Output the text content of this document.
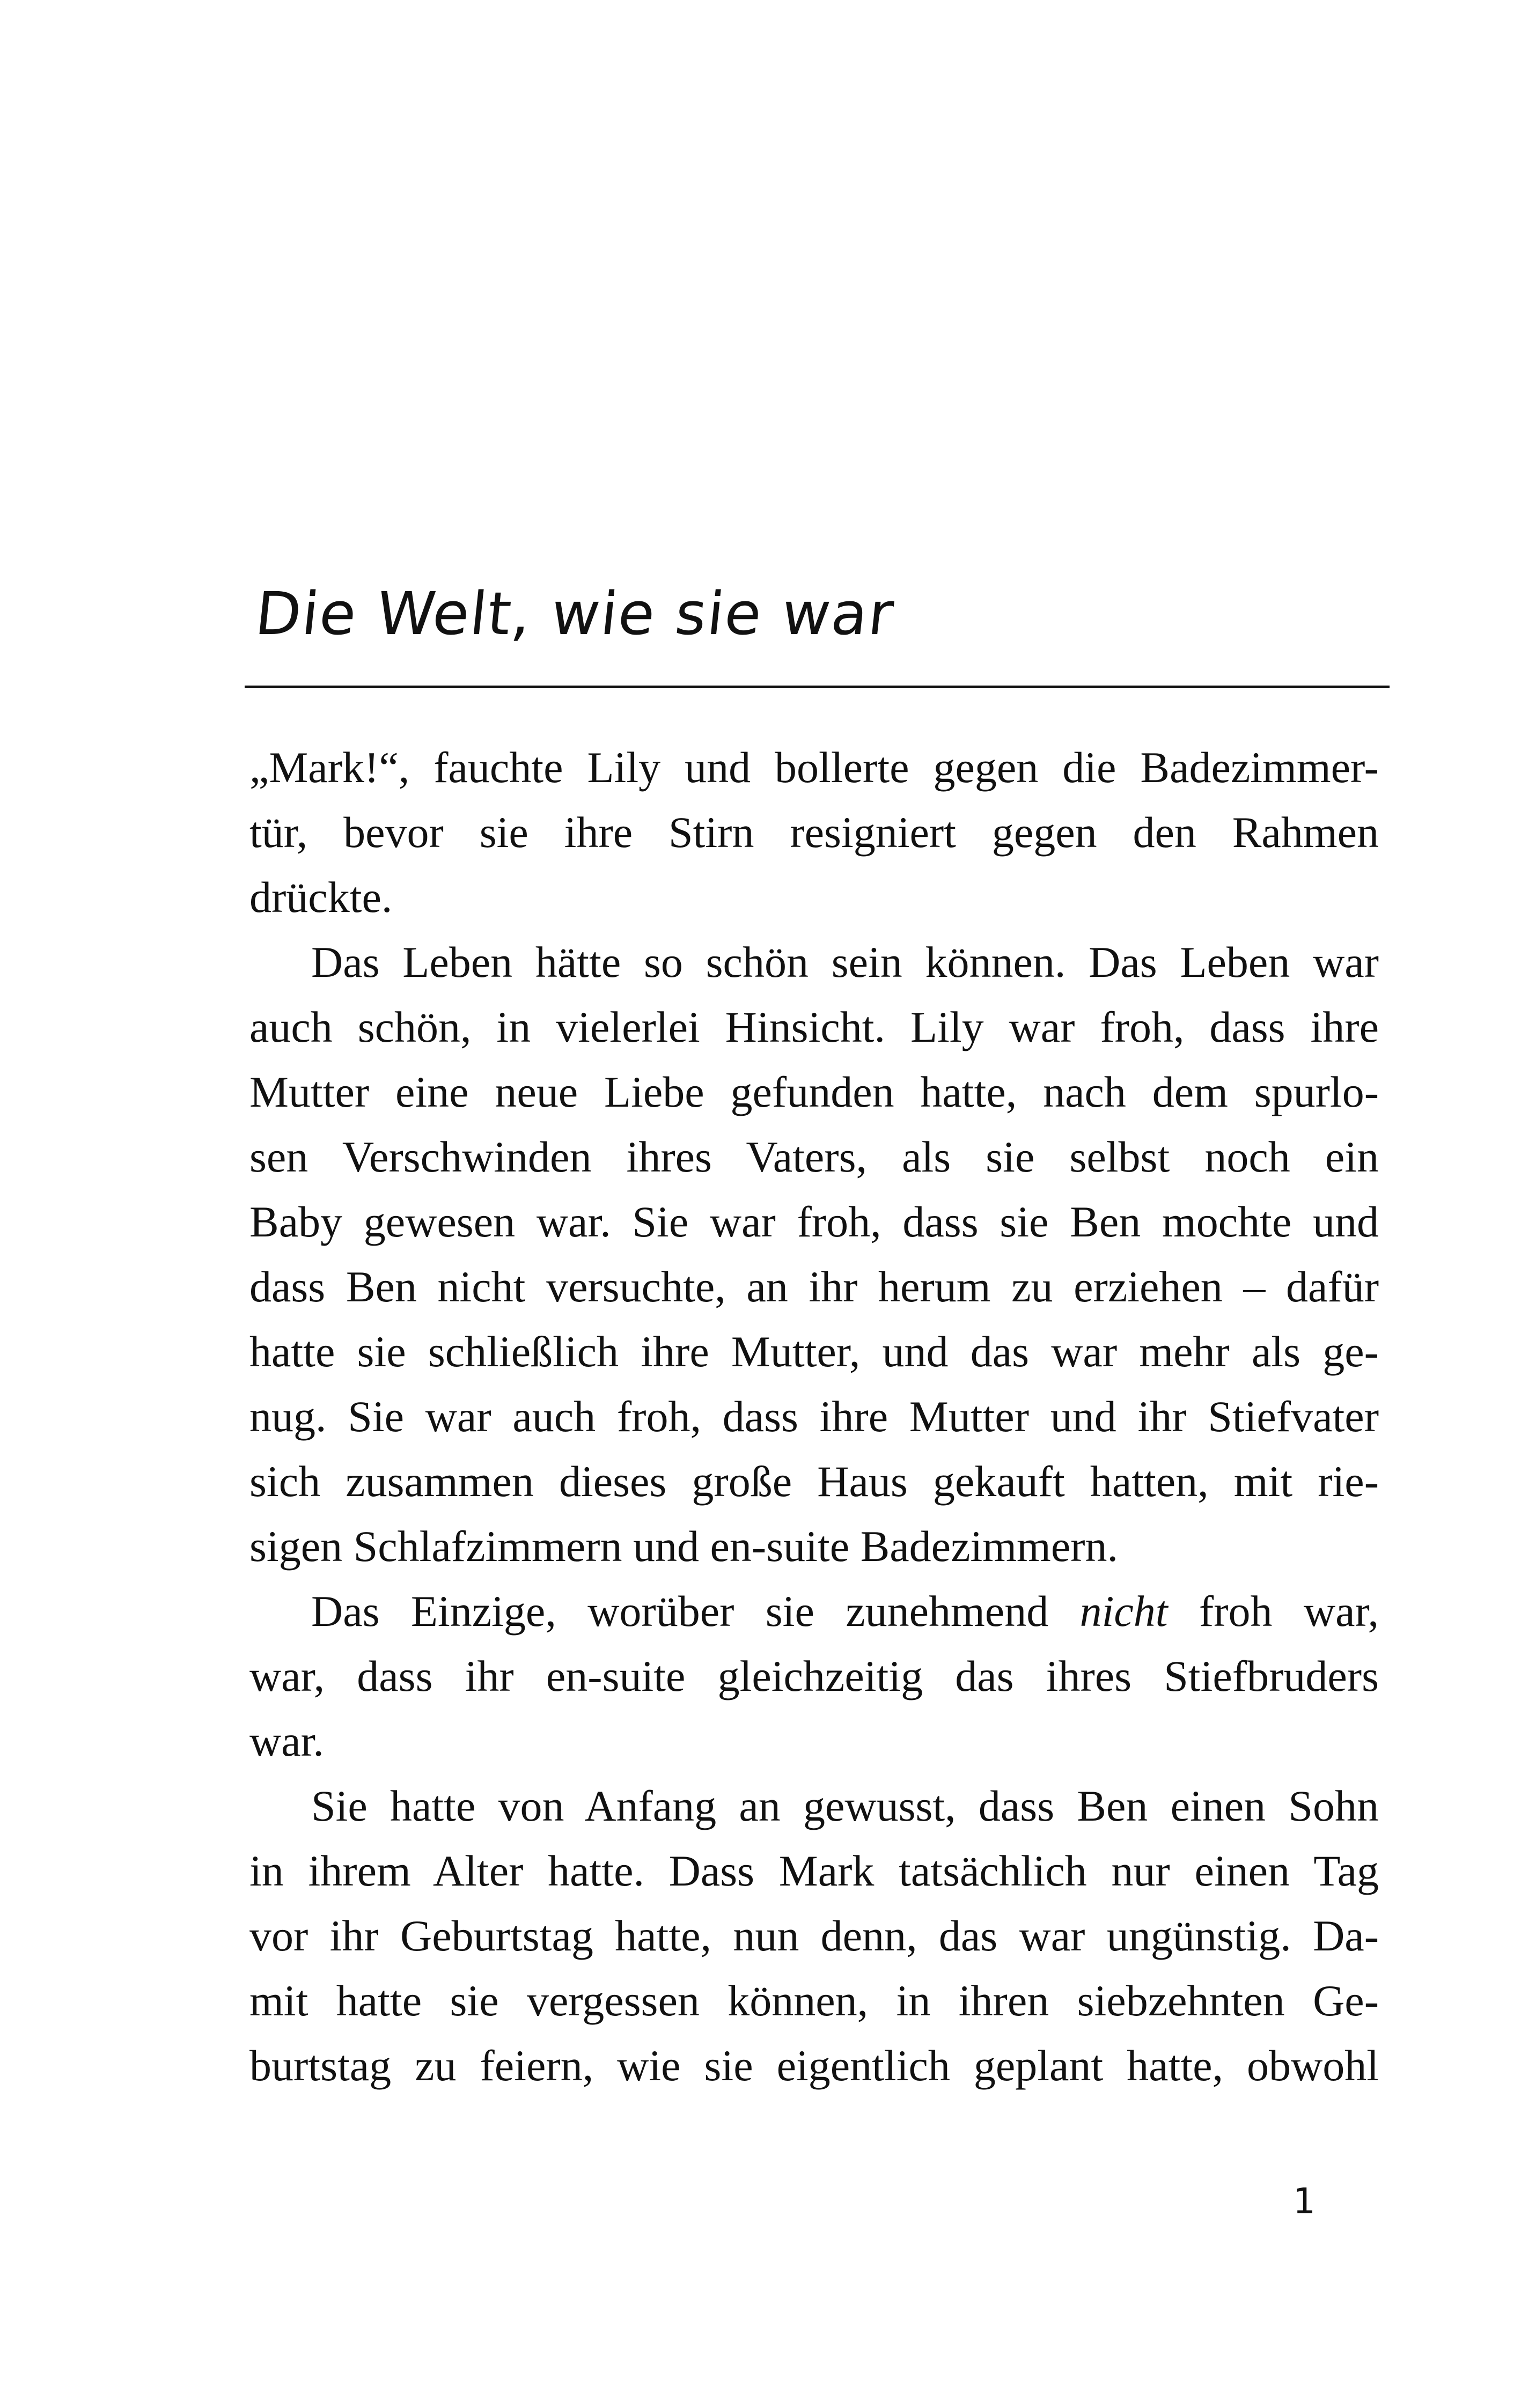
Die Welt, wie sie war
„Mark!“, fauchte Lily und bollerte gegen die Badezimmer-
tür, bevor sie ihre Stirn resigniert gegen den Rahmen
drückte.
Das Leben hätte so schön sein können. Das Leben war
auch schön, in vielerlei Hinsicht. Lily war froh, dass ihre
Mutter eine neue Liebe gefunden hatte, nach dem spurlo-
sen Verschwinden ihres Vaters, als sie selbst noch ein
Baby gewesen war. Sie war froh, dass sie Ben mochte und
dass Ben nicht versuchte, an ihr herum zu erziehen – dafür
hatte sie schließlich ihre Mutter, und das war mehr als ge-
nug. Sie war auch froh, dass ihre Mutter und ihr Stiefvater
sich zusammen dieses große Haus gekauft hatten, mit rie-
sigen Schlafzimmern und en-suite Badezimmern.
Das Einzige, worüber sie zunehmend nicht froh war,
war, dass ihr en-suite gleichzeitig das ihres Stiefbruders
war.
Sie hatte von Anfang an gewusst, dass Ben einen Sohn
in ihrem Alter hatte. Dass Mark tatsächlich nur einen Tag
vor ihr Geburtstag hatte, nun denn, das war ungünstig. Da-
mit hatte sie vergessen können, in ihren siebzehnten Ge-
burtstag zu feiern, wie sie eigentlich geplant hatte, obwohl
1
